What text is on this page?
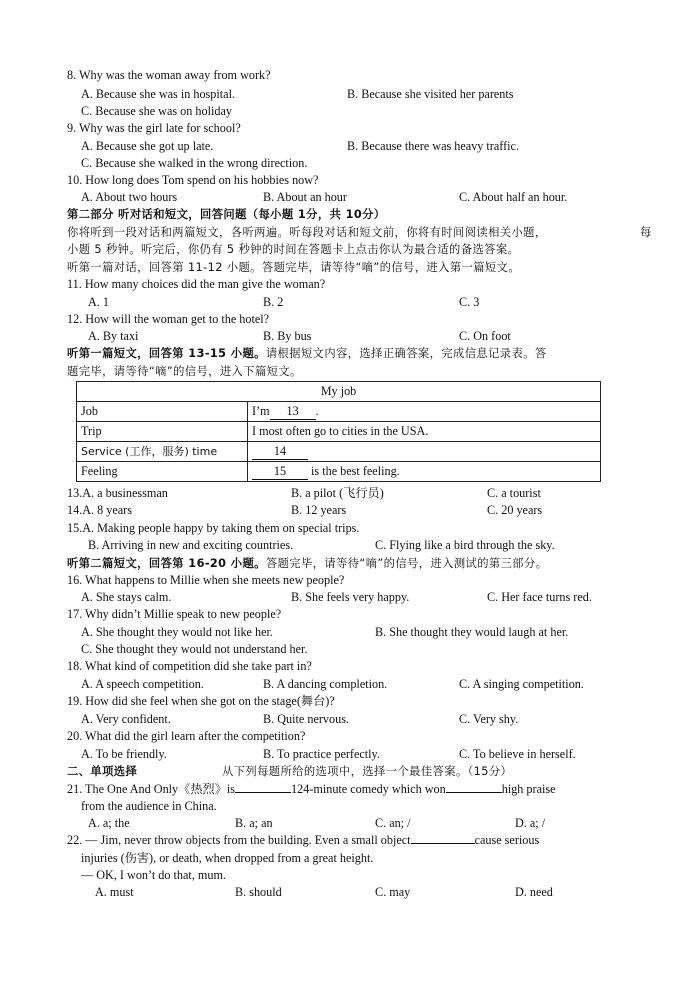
8. Why was the woman away from work?
A. Because she was in hospital.	B. Because she visited her parents
C. Because she was on holiday
9. Why was the girl late for school?
A. Because she got up late.	B. Because there was heavy traffic.
C. Because she walked in the wrong direction.
10. How long does Tom spend on his hobbies now?
A. About two hours	B. About an hour	C. About half an hour.
第二部分 听对话和短文，回答问题（每小题 1分，共 10分）
你将听到一段对话和两篇短文，各听两遍。听每段对话和短文前，你将有时间阅读相关小题，	每
小题 5 秒钟。听完后，你仍有 5 秒钟的时间在答题卡上点击你认为最合适的备选答案。
听第一篇对话，回答第 11-12 小题。答题完毕，请等待“嘀”的信号，进入第一篇短文。
11. How many choices did the man give the woman?
A. 1	B. 2	C. 3
12. How will the woman get to the hotel?
A. By taxi	B. By bus	C. On foot
听第一篇短文，回答第 13-15 小题。请根据短文内容，选择正确答案，完成信息记录表。答
题完毕，请等待“嘀”的信号，进入下篇短文。
My job	
Job	I’m 13 .
Trip	I most often go to cities in the USA.
Service (工作，服务) time	14
Feeling	15 is the best feeling.
13.A. a businessman	B. a pilot (飞行员)	C. a tourist
14.A. 8 years	B. 12 years	C. 20 years
15.A. Making people happy by taking them on special trips.
B. Arriving in new and exciting countries.	C. Flying like a bird through the sky.
听第二篇短文，回答第 16-20 小题。答题完毕，请等待“嘀”的信号，进入测试的第三部分。
16. What happens to Millie when she meets new people?
A. She stays calm.	B. She feels very happy.	C. Her face turns red.
17. Why didn’t Millie speak to new people?
A. She thought they would not like her.	B. She thought they would laugh at her.
C. She thought they would not understand her.
18. What kind of competition did she take part in?
A. A speech competition.	B. A dancing completion.	C. A singing competition.
19. How did she feel when she got on the stage(舞台)?
A. Very confident.	B. Quite nervous.	C. Very shy.
20. What did the girl learn after the competition?
A. To be friendly.	B. To practice perfectly.	C. To believe in herself.
二、单项选择	从下列每题所给的选项中，选择一个最佳答案。（15分）
21. The One And Only《热烈》is	124-minute comedy which won	high praise
from the audience in China.
A. a; the	B. a; an	C. an; /	D. a; /
22. — Jim, never throw objects from the building. Even a small object	cause serious
injuries (伤害), or death, when dropped from a great height.
— OK, I won’t do that, mum.
A. must	B. should	C. may	D. need
